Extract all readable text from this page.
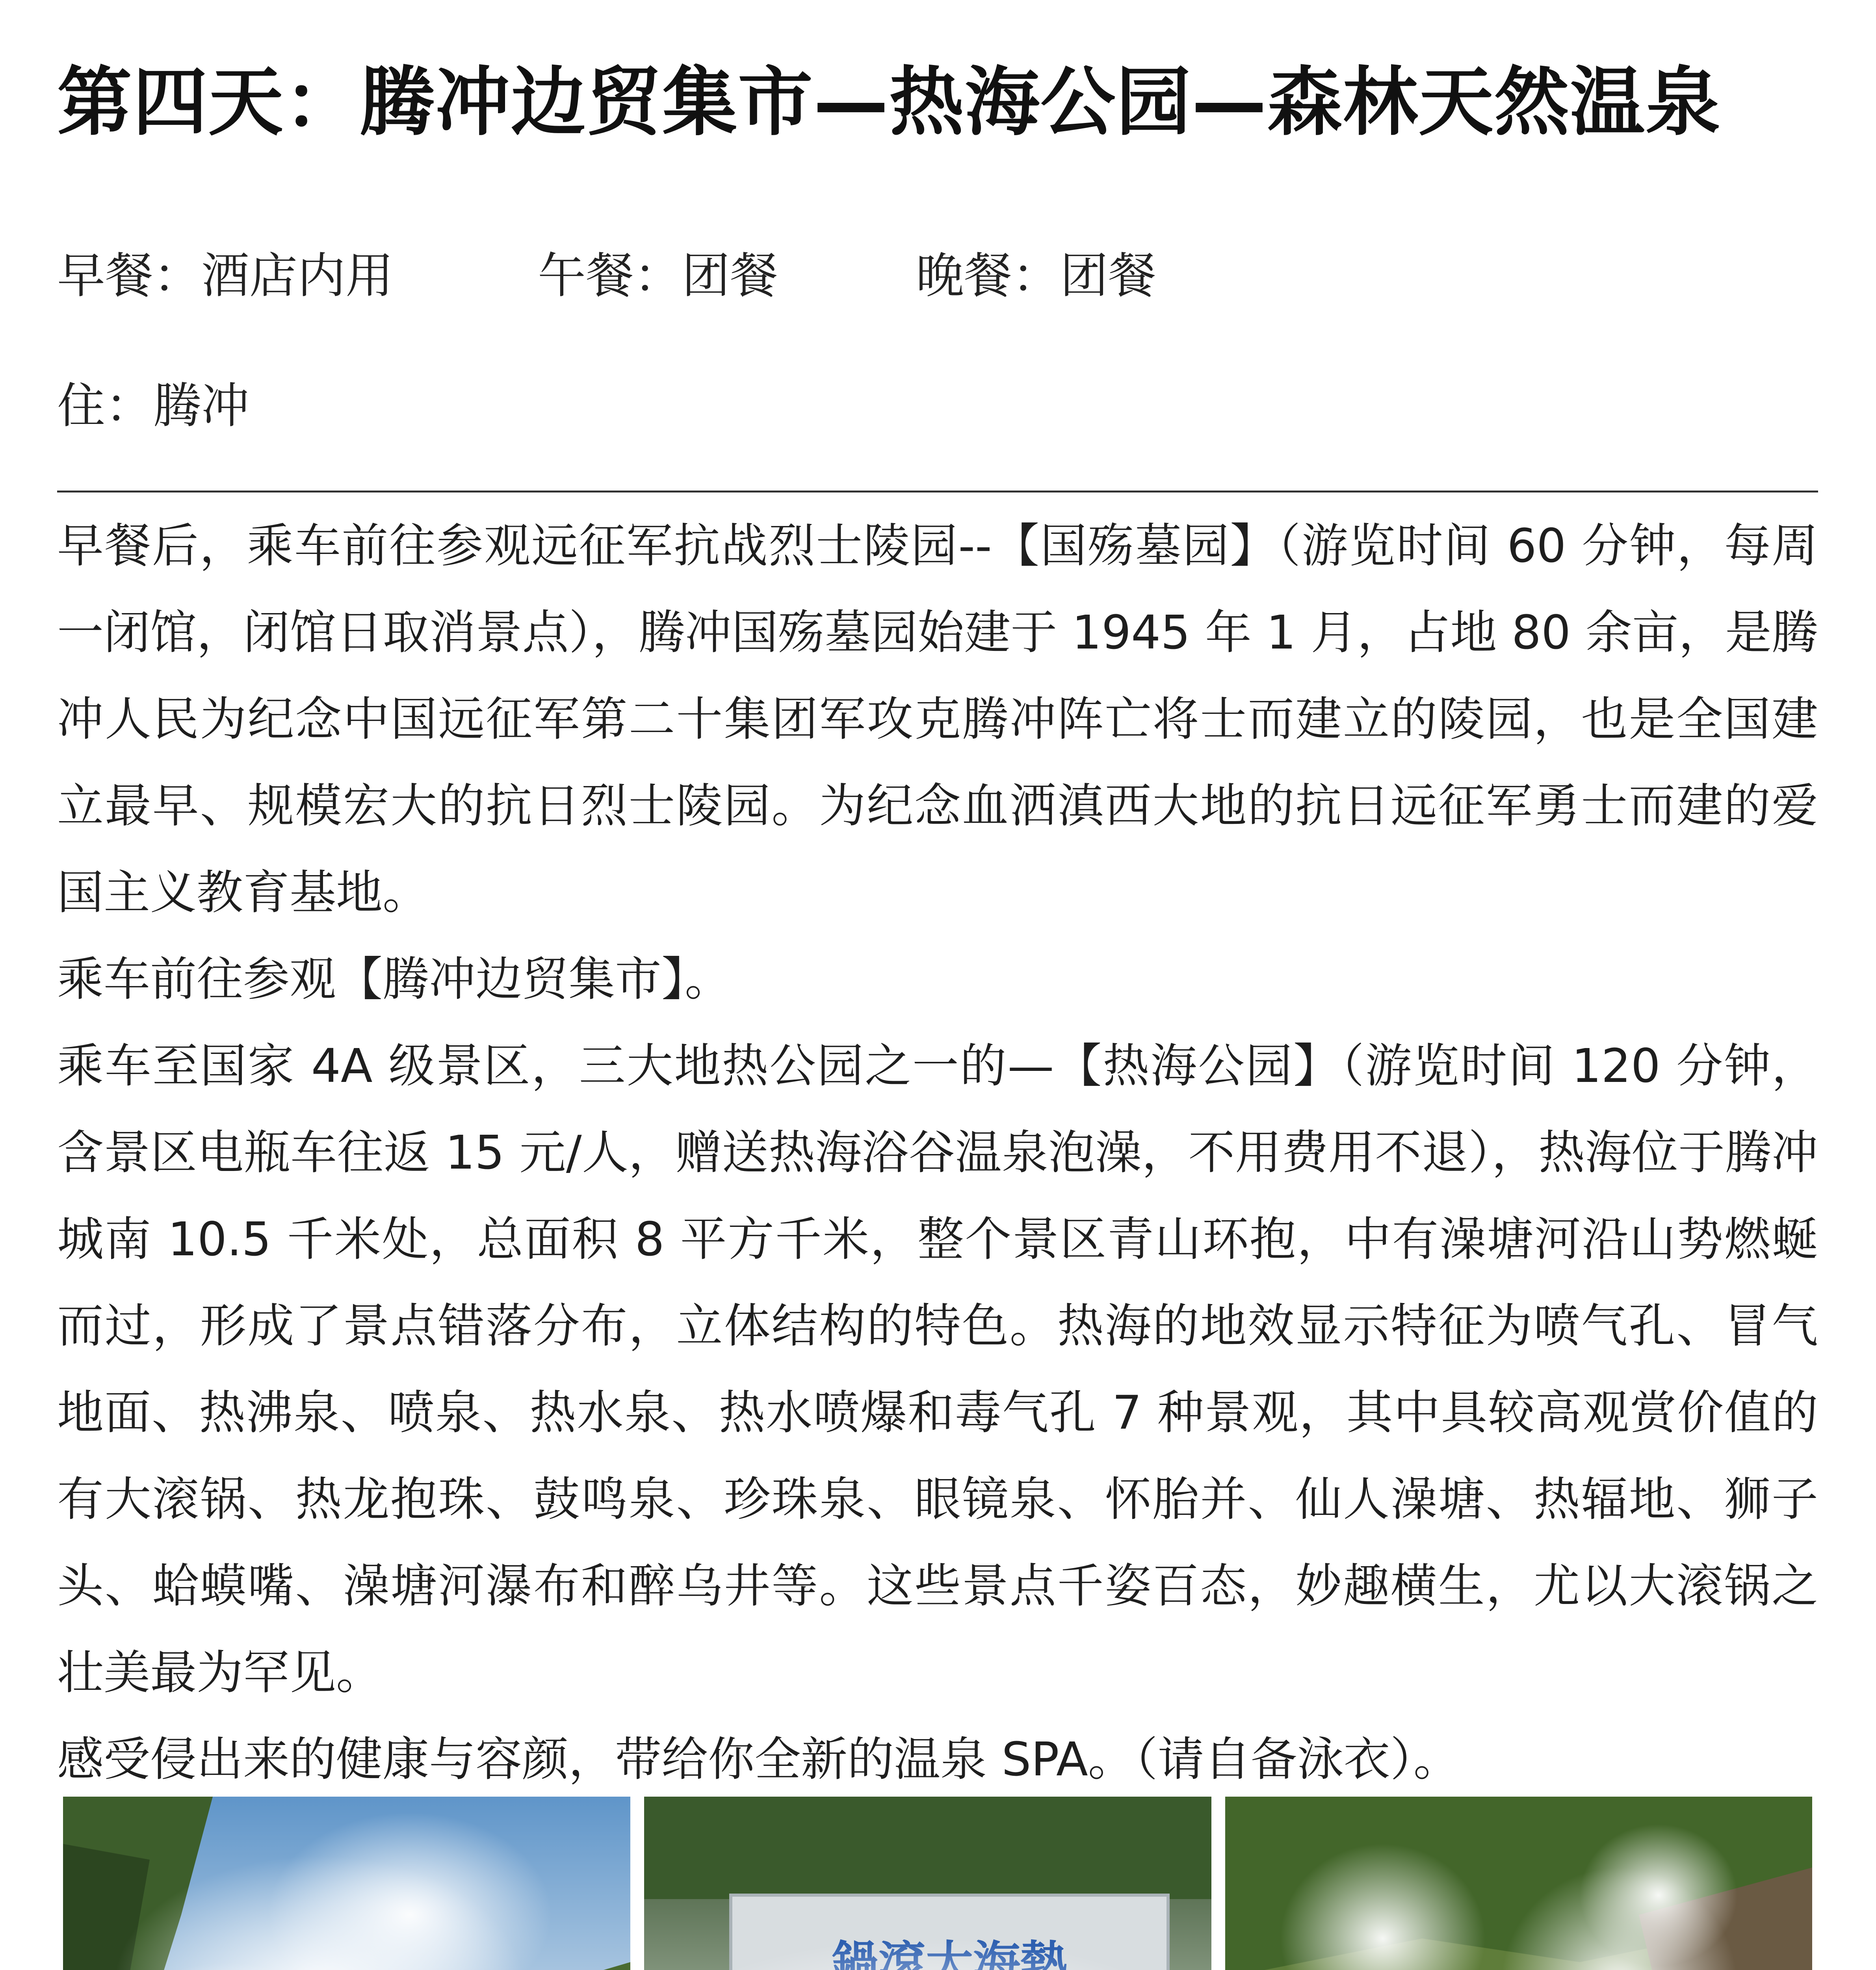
第四天：腾冲边贸集市—热海公园—森林天然温泉
早餐：酒店内用	午餐：团餐	晚餐：团餐
住：腾冲

早餐后，乘车前往参观远征军抗战烈士陵园--【国殇墓园】（游览时间 60 分钟，每周一闭馆，闭馆日取消景点），腾冲国殇墓园始建于 1945 年 1 月，占地 80 余亩，是腾冲人民为纪念中国远征军第二十集团军攻克腾冲阵亡将士而建立的陵园，也是全国建立最早、规模宏大的抗日烈士陵园。为纪念血洒滇西大地的抗日远征军勇士而建的爱国主义教育基地。

乘车前往参观【腾冲边贸集市】。

乘车至国家 4A 级景区，三大地热公园之一的—【热海公园】（游览时间 120 分钟，含景区电瓶车往返 15 元/人，赠送热海浴谷温泉泡澡，不用费用不退），热海位于腾冲城南 10.5 千米处，总面积 8 平方千米，整个景区青山环抱，中有澡塘河沿山势燃蜒而过，形成了景点错落分布，立体结构的特色。热海的地效显示特征为喷气孔、冒气地面、热沸泉、喷泉、热水泉、热水喷爆和毒气孔 7 种景观，其中具较高观赏价值的有大滚锅、热龙抱珠、鼓鸣泉、珍珠泉、眼镜泉、怀胎并、仙人澡塘、热辐地、狮子头、蛤蟆嘴、澡塘河瀑布和醉乌井等。这些景点千姿百态，妙趣横生，尤以大滚锅之壮美最为罕见。

感受侵出来的健康与容颜，带给你全新的温泉 SPA。（请自备泳衣）。
